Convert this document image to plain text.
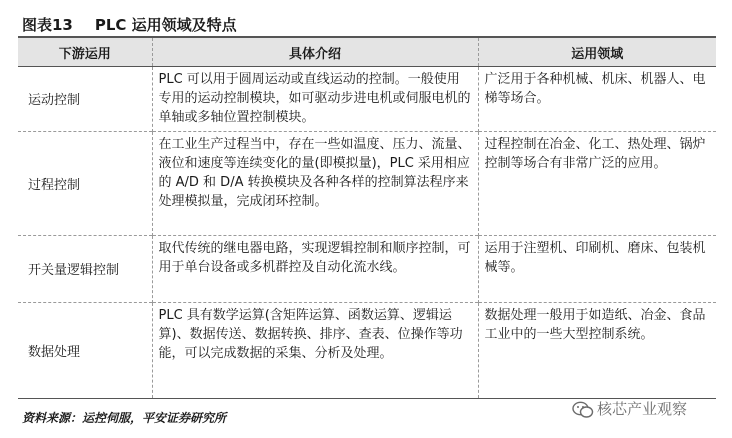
图表13 PLC 运用领域及特点
下游运用	具体介绍	运用领域
运动控制	PLC 可以用于圆周运动或直线运动的控制。一般使用专用的运动控制模块，如可驱动步进电机或伺服电机的单轴或多轴位置控制模块。	广泛用于各种机械、机床、机器人、电梯等场合。
过程控制	在工业生产过程当中，存在一些如温度、压力、流量、液位和速度等连续变化的量(即模拟量)，PLC 采用相应的 A/D 和 D/A 转换模块及各种各样的控制算法程序来处理模拟量，完成闭环控制。	过程控制在冶金、化工、热处理、锅炉控制等场合有非常广泛的应用。
开关量逻辑控制	取代传统的继电器电路，实现逻辑控制和顺序控制，可用于单台设备或多机群控及自动化流水线。	运用于注塑机、印刷机、磨床、包装机械等。
数据处理	PLC 具有数学运算(含矩阵运算、函数运算、逻辑运算)、数据传送、数据转换、排序、查表、位操作等功能，可以完成数据的采集、分析及处理。	数据处理一般用于如造纸、冶金、食品工业中的一些大型控制系统。
资料来源：运控伺服，平安证券研究所	核芯产业观察
